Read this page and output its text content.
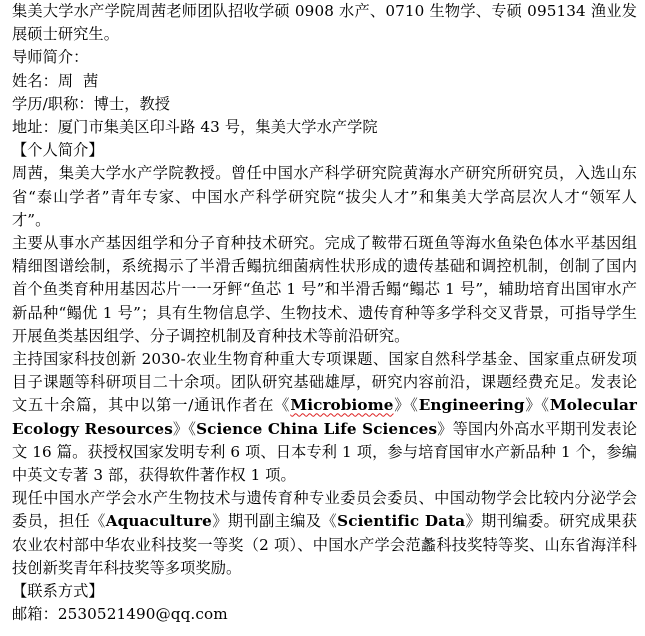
集美大学水产学院周茜老师团队招收学硕 0908 水产、0710 生物学、专硕 095134 渔业发展硕士研究生。

导师简介：

姓名：周  茜

学历/职称：博士，教授

地址：厦门市集美区印斗路 43 号，集美大学水产学院

【个人简介】

周茜，集美大学水产学院教授。曾任中国水产科学研究院黄海水产研究所研究员，入选山东省“泰山学者”青年专家、中国水产科学研究院“拔尖人才”和集美大学高层次人才“领军人才”。

主要从事水产基因组学和分子育种技术研究。完成了鞍带石斑鱼等海水鱼染色体水平基因组精细图谱绘制，系统揭示了半滑舌鳎抗细菌病性状形成的遗传基础和调控机制，创制了国内首个鱼类育种用基因芯片一一牙鲆“鱼芯 1 号”和半滑舌鳎“鳎芯 1 号”，辅助培育出国审水产新品种“鳎优 1 号”；具有生物信息学、生物技术、遗传育种等多学科交叉背景，可指导学生开展鱼类基因组学、分子调控机制及育种技术等前沿研究。

主持国家科技创新 2030-农业生物育种重大专项课题、国家自然科学基金、国家重点研发项目子课题等科研项目二十余项。团队研究基础雄厚，研究内容前沿，课题经费充足。发表论文五十余篇，其中以第一/通讯作者在《Microbiome》《Engineering》《Molecular Ecology Resources》《Science China Life Sciences》等国内外高水平期刊发表论文 16 篇。获授权国家发明专利 6 项、日本专利 1 项，参与培育国审水产新品种 1 个，参编中英文专著 3 部，获得软件著作权 1 项。

现任中国水产学会水产生物技术与遗传育种专业委员会委员、中国动物学会比较内分泌学会委员，担任《Aquaculture》期刊副主编及《Scientific Data》期刊编委。研究成果获农业农村部中华农业科技奖一等奖（2 项）、中国水产学会范蠡科技奖特等奖、山东省海洋科技创新奖青年科技奖等多项奖励。

【联系方式】

邮箱：2530521490@qq.com
